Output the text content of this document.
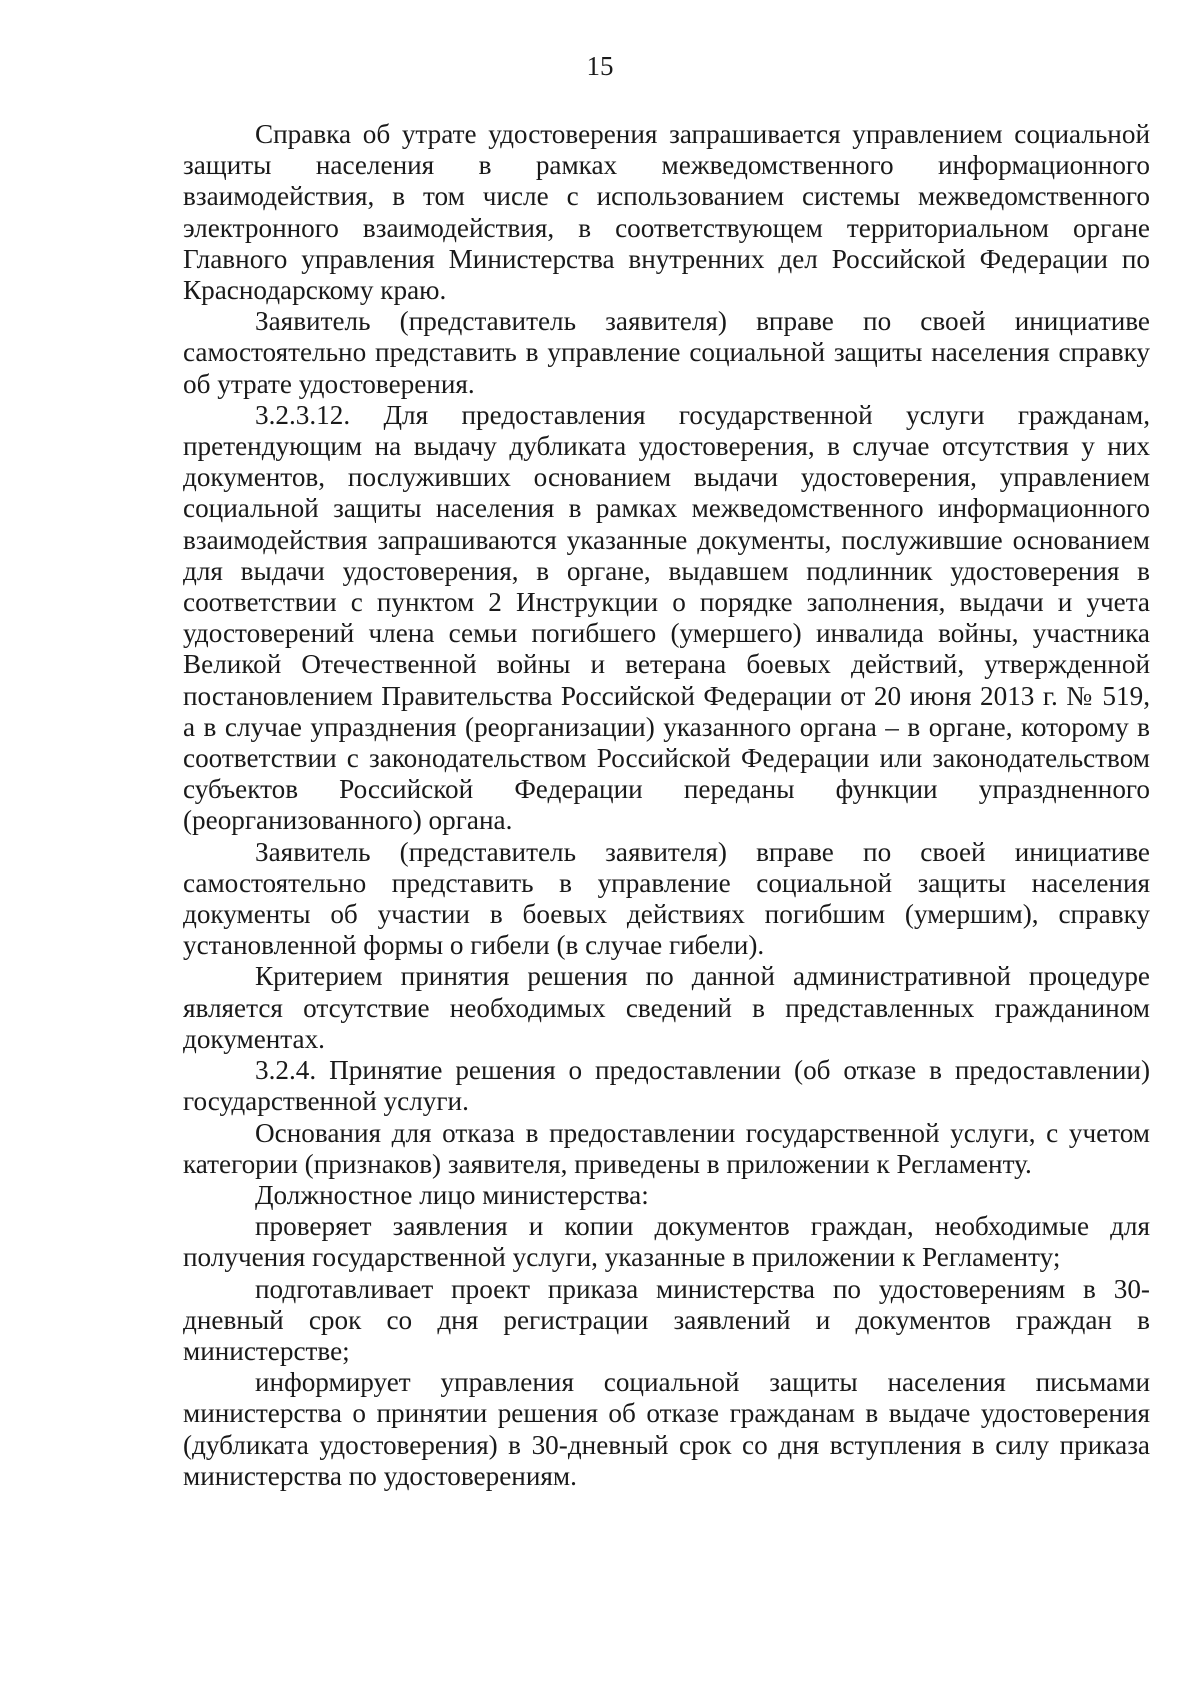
15

Справка об утрате удостоверения запрашивается управлением социальной защиты населения в рамках межведомственного информационного взаимодействия, в том числе с использованием системы межведомственного электронного взаимодействия, в соответствующем территориальном органе Главного управления Министерства внутренних дел Российской Федерации по Краснодарскому краю.

Заявитель (представитель заявителя) вправе по своей инициативе самостоятельно представить в управление социальной защиты населения справку об утрате удостоверения.

3.2.3.12. Для предоставления государственной услуги гражданам, претендующим на выдачу дубликата удостоверения, в случае отсутствия у них документов, послуживших основанием выдачи удостоверения, управлением социальной защиты населения в рамках межведомственного информационного взаимодействия запрашиваются указанные документы, послужившие основанием для выдачи удостоверения, в органе, выдавшем подлинник удостоверения в соответствии с пунктом 2 Инструкции о порядке заполнения, выдачи и учета удостоверений члена семьи погибшего (умершего) инвалида войны, участника Великой Отечественной войны и ветерана боевых действий, утвержденной постановлением Правительства Российской Федерации от 20 июня 2013 г. № 519, а в случае упразднения (реорганизации) указанного органа – в органе, которому в соответствии с законодательством Российской Федерации или законодательством субъектов Российской Федерации переданы функции упраздненного (реорганизованного) органа.

Заявитель (представитель заявителя) вправе по своей инициативе самостоятельно представить в управление социальной защиты населения документы об участии в боевых действиях погибшим (умершим), справку установленной формы о гибели (в случае гибели).

Критерием принятия решения по данной административной процедуре является отсутствие необходимых сведений в представленных гражданином документах.

3.2.4. Принятие решения о предоставлении (об отказе в предоставлении) государственной услуги.

Основания для отказа в предоставлении государственной услуги, с учетом категории (признаков) заявителя, приведены в приложении к Регламенту.

Должностное лицо министерства:

проверяет заявления и копии документов граждан, необходимые для получения государственной услуги, указанные в приложении к Регламенту;

подготавливает проект приказа министерства по удостоверениям в 30-дневный срок со дня регистрации заявлений и документов граждан в министерстве;

информирует управления социальной защиты населения письмами министерства о принятии решения об отказе гражданам в выдаче удостоверения (дубликата удостоверения) в 30-дневный срок со дня вступления в силу приказа министерства по удостоверениям.
